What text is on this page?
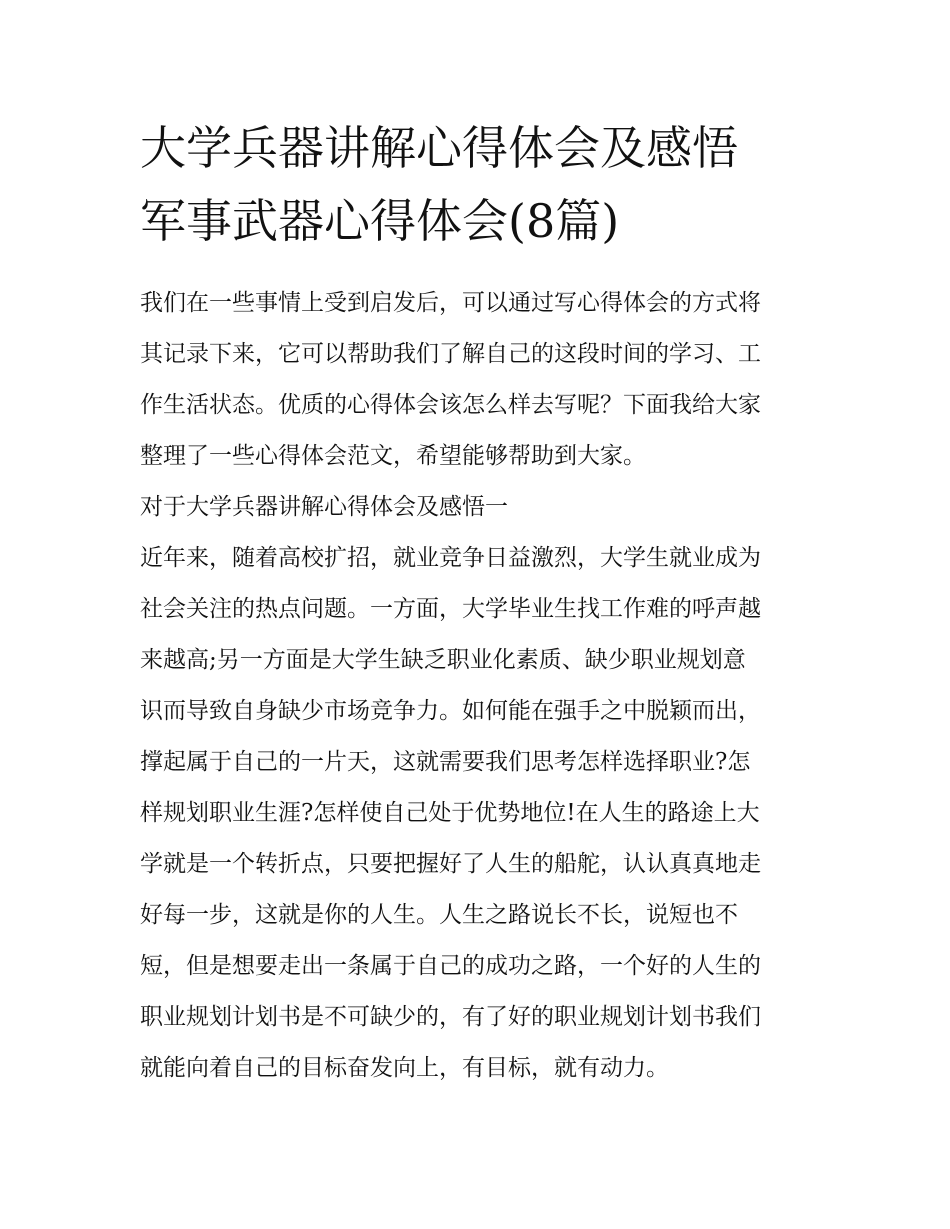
大学兵器讲解心得体会及感悟
军事武器心得体会(8篇)
我们在一些事情上受到启发后，可以通过写心得体会的方式将
其记录下来，它可以帮助我们了解自己的这段时间的学习、工
作生活状态。优质的心得体会该怎么样去写呢？下面我给大家
整理了一些心得体会范文，希望能够帮助到大家。
对于大学兵器讲解心得体会及感悟一
近年来，随着高校扩招，就业竞争日益激烈，大学生就业成为
社会关注的热点问题。一方面，大学毕业生找工作难的呼声越
来越高;另一方面是大学生缺乏职业化素质、缺少职业规划意
识而导致自身缺少市场竞争力。如何能在强手之中脱颖而出，
撑起属于自己的一片天，这就需要我们思考怎样选择职业?怎
样规划职业生涯?怎样使自己处于优势地位!在人生的路途上大
学就是一个转折点，只要把握好了人生的船舵，认认真真地走
好每一步，这就是你的人生。人生之路说长不长，说短也不
短，但是想要走出一条属于自己的成功之路，一个好的人生的
职业规划计划书是不可缺少的，有了好的职业规划计划书我们
就能向着自己的目标奋发向上，有目标，就有动力。
